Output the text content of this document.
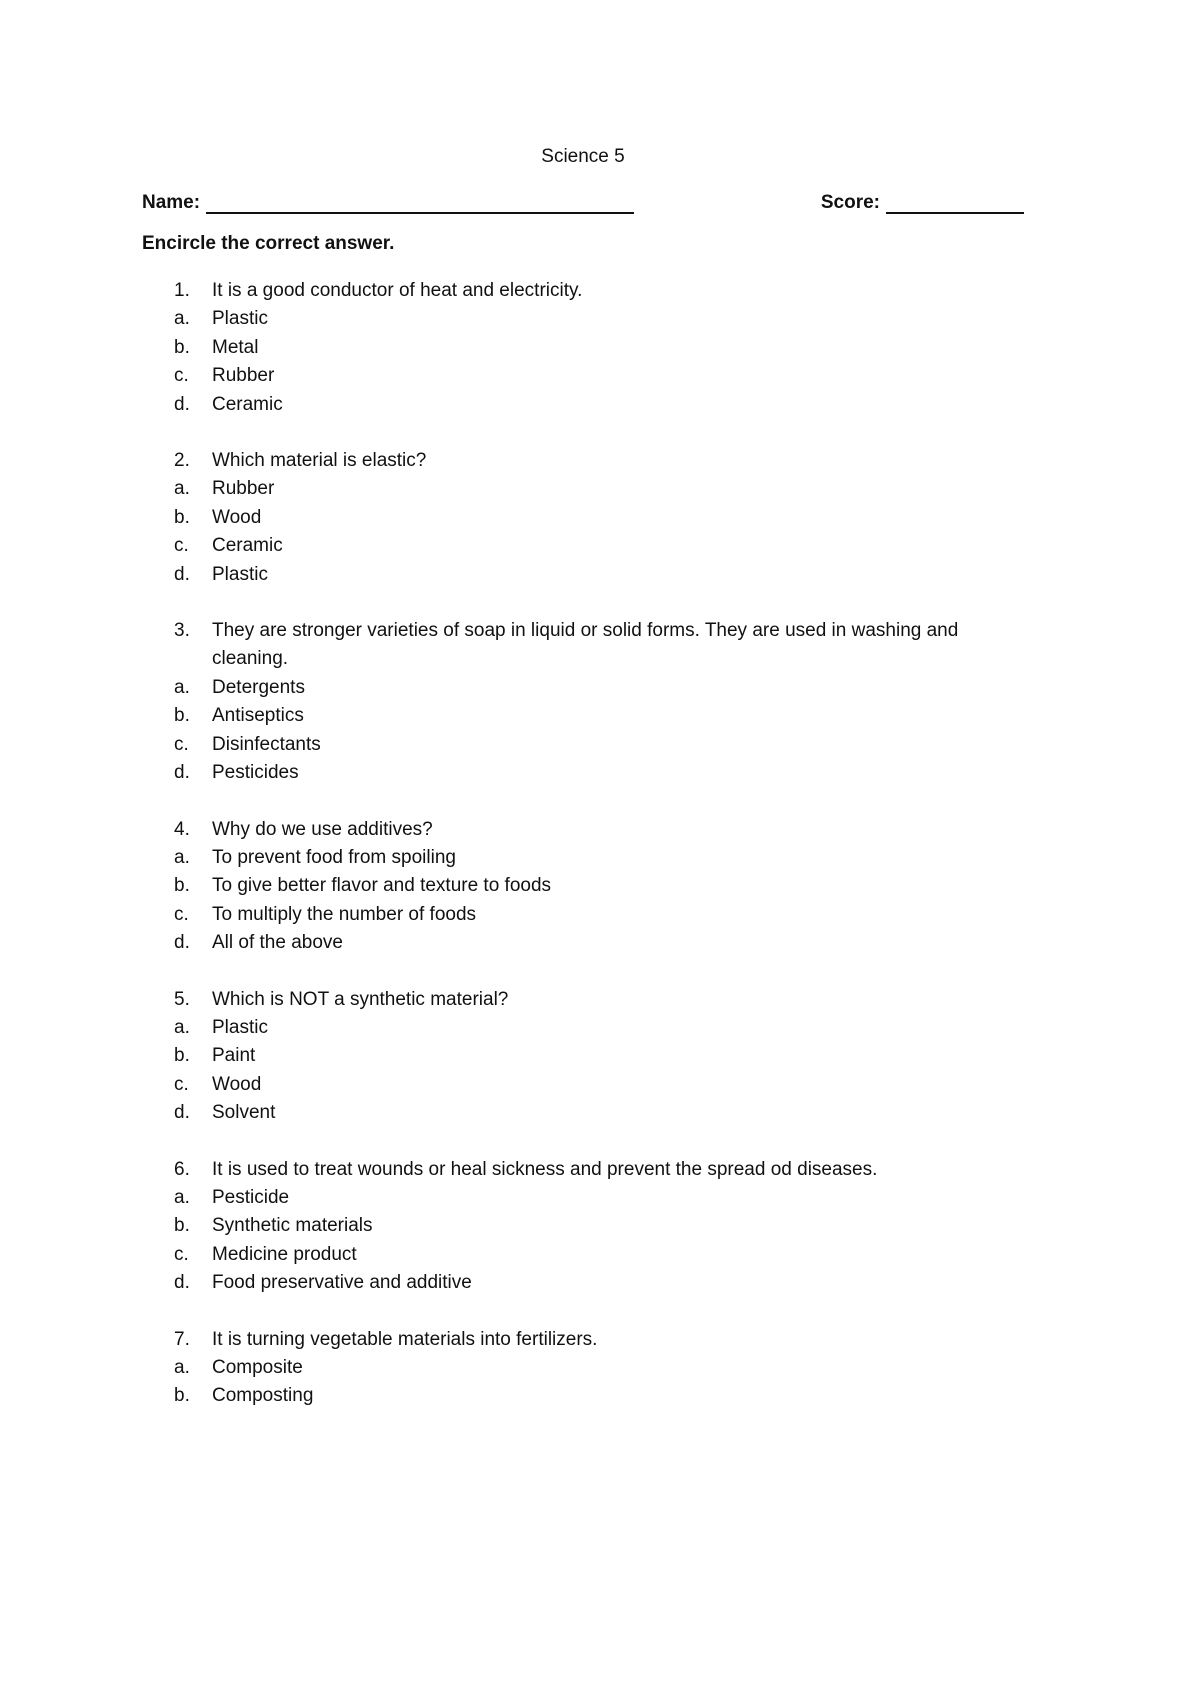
Science 5
Name:	Score:
Encircle the correct answer.
1.	It is a good conductor of heat and electricity.
a.	Plastic
b.	Metal
c.	Rubber
d.	Ceramic
2.	Which material is elastic?
a.	Rubber
b.	Wood
c.	Ceramic
d.	Plastic
3.	They are stronger varieties of soap in liquid or solid forms. They are used in washing and cleaning.
a.	Detergents
b.	Antiseptics
c.	Disinfectants
d.	Pesticides
4.	Why do we use additives?
a.	To prevent food from spoiling
b.	To give better flavor and texture to foods
c.	To multiply the number of foods
d.	All of the above
5.	Which is NOT a synthetic material?
a.	Plastic
b.	Paint
c.	Wood
d.	Solvent
6.	It is used to treat wounds or heal sickness and prevent the spread od diseases.
a.	Pesticide
b.	Synthetic materials
c.	Medicine product
d.	Food preservative and additive
7.	It is turning vegetable materials into fertilizers.
a.	Composite
b.	Composting
